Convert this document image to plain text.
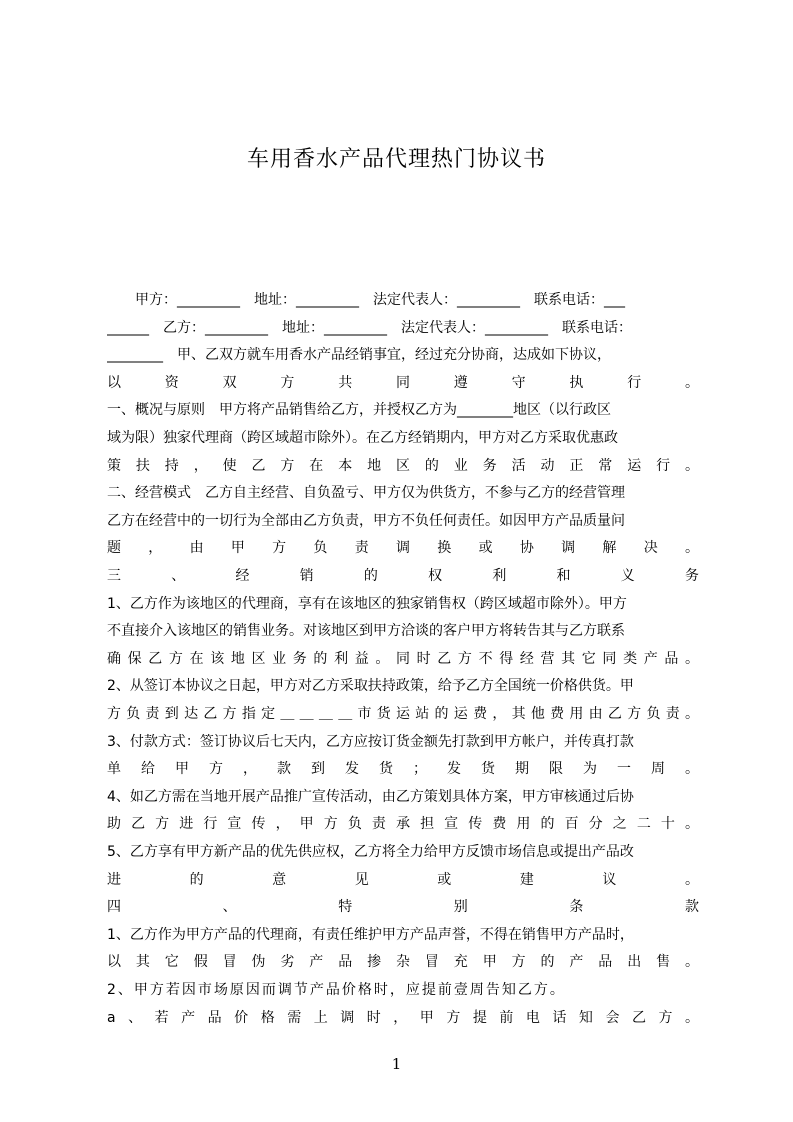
车用香水产品代理热门协议书
　　甲方：_________　地址：_________　法定代表人：_________　联系电话：___
______　乙方：_________　地址：_________　法定代表人：_________　联系电话：
________　甲、乙双方就车用香水产品经销事宜，经过充分协商，达成如下协议，
以资双方共同遵守执行。
一、概况与原则　甲方将产品销售给乙方，并授权乙方为________地区（以行政区
域为限）独家代理商（跨区域超市除外）。在乙方经销期内，甲方对乙方采取优惠政
策扶持，使乙方在本地区的业务活动正常运行。
二、经营模式　乙方自主经营、自负盈亏、甲方仅为供货方，不参与乙方的经营管理
乙方在经营中的一切行为全部由乙方负责，甲方不负任何责任。如因甲方产品质量问
题，由甲方负责调换或协调解决。
三、经销的权利和义务
1、乙方作为该地区的代理商，享有在该地区的独家销售权（跨区域超市除外）。甲方
不直接介入该地区的销售业务。对该地区到甲方洽谈的客户甲方将转告其与乙方联系
确保乙方在该地区业务的利益。同时乙方不得经营其它同类产品。
2、从签订本协议之日起，甲方对乙方采取扶持政策，给予乙方全国统一价格供货。甲
方负责到达乙方指定＿＿＿＿市货运站的运费，其他费用由乙方负责。
3、付款方式：签订协议后七天内，乙方应按订货金额先打款到甲方帐户，并传真打款
单给甲方，款到发货；发货期限为一周。
4、如乙方需在当地开展产品推广宣传活动，由乙方策划具体方案，甲方审核通过后协
助乙方进行宣传，甲方负责承担宣传费用的百分之二十。
5、乙方享有甲方新产品的优先供应权，乙方将全力给甲方反馈市场信息或提出产品改
进的意见或建议。
四、特别条款
1、乙方作为甲方产品的代理商，有责任维护甲方产品声誉，不得在销售甲方产品时，
以其它假冒伪劣产品掺杂冒充甲方的产品出售。
2、甲方若因市场原因而调节产品价格时，应提前壹周告知乙方。
a、若产品价格需上调时，甲方提前电话知会乙方。
1
